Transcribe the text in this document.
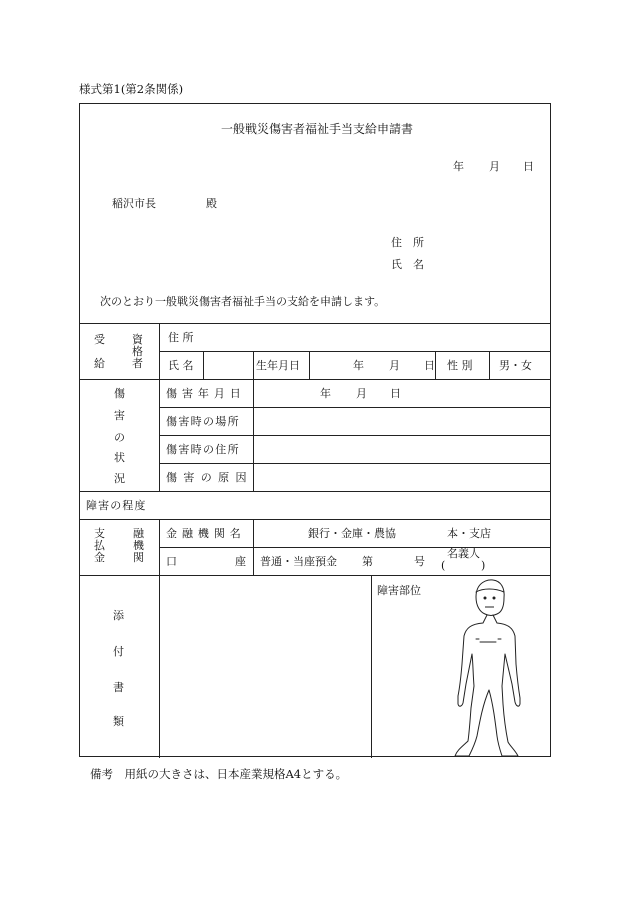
様式第1(第2条関係)
一般戦災傷害者福祉手当支給申請書
年 月 日
稲沢市長	殿
住　所
氏　名
次のとおり一般戦災傷害者福祉手当の支給を申請します。
受
給
資
格
者
住 所
氏 名	生年月日	年 月 日 性 別 男・女
傷
害
の
状
況
傷害年月日	年 月 日
傷害時の場所
傷害時の住所
傷害の原因
障害の程度
支
払
金
融
機
関
金融機関名	銀行・金庫・農協	本・支店
口	座 普通・当座預金 第	号
名義人
(	)
添
付
書
類
障害部位
備考　用紙の大きさは、日本産業規格A4とする。
